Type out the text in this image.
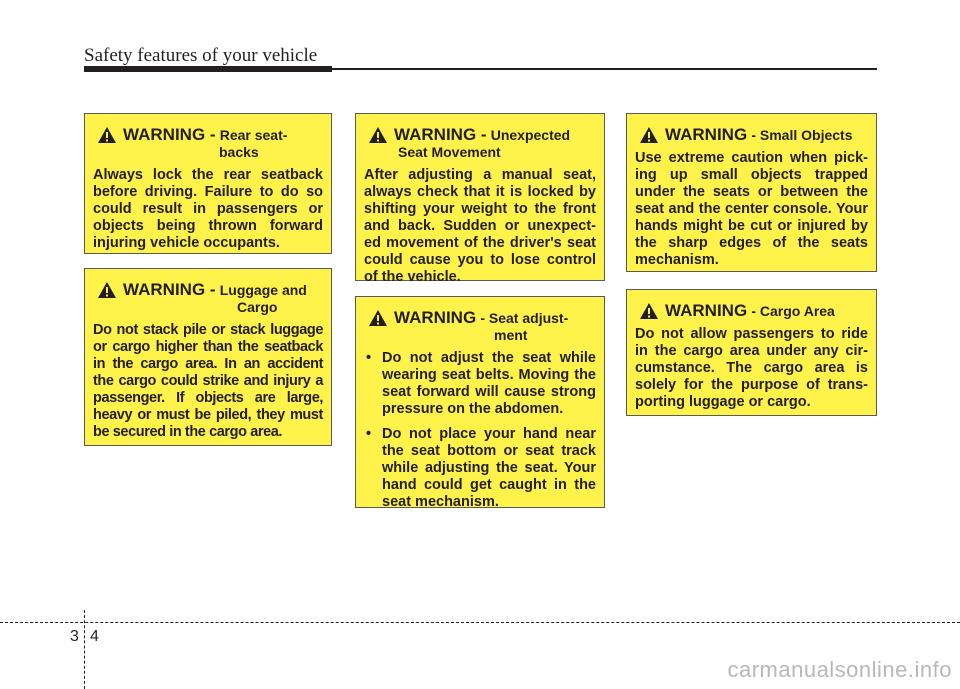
Safety features of your vehicle
WARNING - Rear seat-
backs
Always lock the rear seatback before driving. Failure to do so could result in passengers or objects being thrown forward injuring vehicle occupants.
WARNING - Luggage and
Cargo
Do not stack pile or stack luggage or cargo higher than the seatback in the cargo area. In an accident the cargo could strike and injury a passenger. If objects are large, heavy or must be piled, they must be secured in the cargo area.
WARNING - Unexpected
Seat Movement
After adjusting a manual seat, always check that it is locked by shifting your weight to the front and back. Sudden or unexpect-ed movement of the driver's seat could cause you to lose control of the vehicle.
WARNING - Seat adjust-
ment
• Do not adjust the seat while wearing seat belts. Moving the seat forward will cause strong pressure on the abdomen.
• Do not place your hand near the seat bottom or seat track while adjusting the seat. Your hand could get caught in the seat mechanism.
WARNING - Small Objects
Use extreme caution when pick-ing up small objects trapped under the seats or between the seat and the center console. Your hands might be cut or injured by the sharp edges of the seats mechanism.
WARNING - Cargo Area
Do not allow passengers to ride in the cargo area under any cir-cumstance. The cargo area is solely for the purpose of trans-porting luggage or cargo.
3 4
carmanualsonline.info
